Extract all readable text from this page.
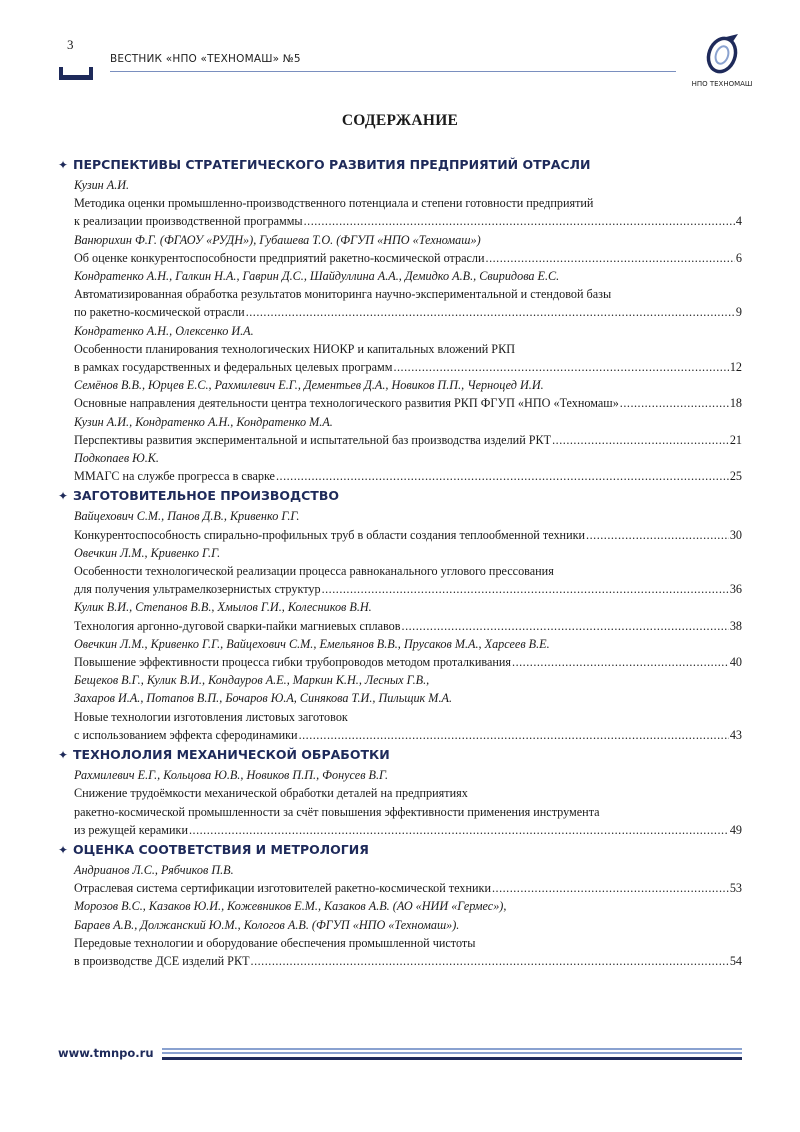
3
ВЕСТНИК «НПО «ТЕХНОМАШ» №5
НПО ТЕХНОМАШ
СОДЕРЖАНИЕ
✦ ПЕРСПЕКТИВЫ СТРАТЕГИЧЕСКОГО РАЗВИТИЯ ПРЕДПРИЯТИЙ ОТРАСЛИ
Кузин А.И.
Методика оценки промышленно-производственного потенциала и степени готовности предприятий
к реализации производственной программы .....	4
Ванюрихин Ф.Г. (ФГАОУ «РУДН»), Губашева Т.О. (ФГУП «НПО «Техномаш»)
Об оценке конкурентоспособности предприятий ракетно-космической отрасли .....	6
Кондратенко А.Н., Галкин Н.А., Гаврин Д.С., Шайдуллина А.А., Демидко А.В., Свиридова Е.С.
Автоматизированная обработка результатов мониторинга научно-экспериментальной и стендовой базы
по ракетно-космической отрасли .....	9
Кондратенко А.Н., Олексенко И.А.
Особенности планирования технологических НИОКР и капитальных вложений РКП
в рамках государственных и федеральных целевых программ .....	12
Семёнов В.В., Юрцев Е.С., Рахмилевич Е.Г., Дементьев Д.А., Новиков П.П., Черноцед И.И.
Основные направления деятельности центра технологического развития РКП ФГУП «НПО «Техномаш» .....	18
Кузин А.И., Кондратенко А.Н., Кондратенко М.А.
Перспективы развития экспериментальной и испытательной баз производства изделий РКТ .....	21
Подкопаев Ю.К.
ММАГС на службе прогресса в сварке .....	25
✦ ЗАГОТОВИТЕЛЬНОЕ ПРОИЗВОДСТВО
Вайцехович С.М., Панов Д.В., Кривенко Г.Г.
Конкурентоспособность спирально-профильных труб в области создания теплообменной техники .....	30
Овечкин Л.М., Кривенко Г.Г.
Особенности технологической реализации процесса равноканального углового прессования
для получения ультрамелкозернистых структур .....	36
Кулик В.И., Степанов В.В., Хмылов Г.И., Колесников В.Н.
Технология аргонно-дуговой сварки-пайки магниевых сплавов .....	38
Овечкин Л.М., Кривенко Г.Г., Вайцехович С.М., Емельянов В.В., Прусаков М.А., Харсеев В.Е.
Повышение эффективности процесса гибки трубопроводов методом проталкивания .....	40
Бещеков В.Г., Кулик В.И., Кондауров А.Е., Маркин К.Н., Лесных Г.В.,
Захаров И.А., Потапов В.П., Бочаров Ю.А, Синякова Т.И., Пильщик М.А.
Новые технологии изготовления листовых заготовок
с использованием эффекта сферодинамики .....	43
✦ ТЕХНОЛОЛИЯ МЕХАНИЧЕСКОЙ ОБРАБОТКИ
Рахмилевич Е.Г., Кольцова Ю.В., Новиков П.П., Фонусев В.Г.
Снижение трудоёмкости механической обработки деталей на предприятиях
ракетно-космической промышленности за счёт повышения эффективности применения инструмента
из режущей керамики .....	49
✦ ОЦЕНКА СООТВЕТСТВИЯ И МЕТРОЛОГИЯ
Андрианов Л.С., Рябчиков П.В.
Отраслевая система сертификации изготовителей ракетно-космической техники .....	53
Морозов В.С., Казаков Ю.И., Кожевников Е.М., Казаков А.В. (АО «НИИ «Гермес»),
Бараев А.В., Должанский Ю.М., Кологов А.В. (ФГУП «НПО «Техномаш»).
Передовые технологии и оборудование обеспечения промышленной чистоты
в производстве ДСЕ изделий РКТ .....	54
www.tmnpo.ru
